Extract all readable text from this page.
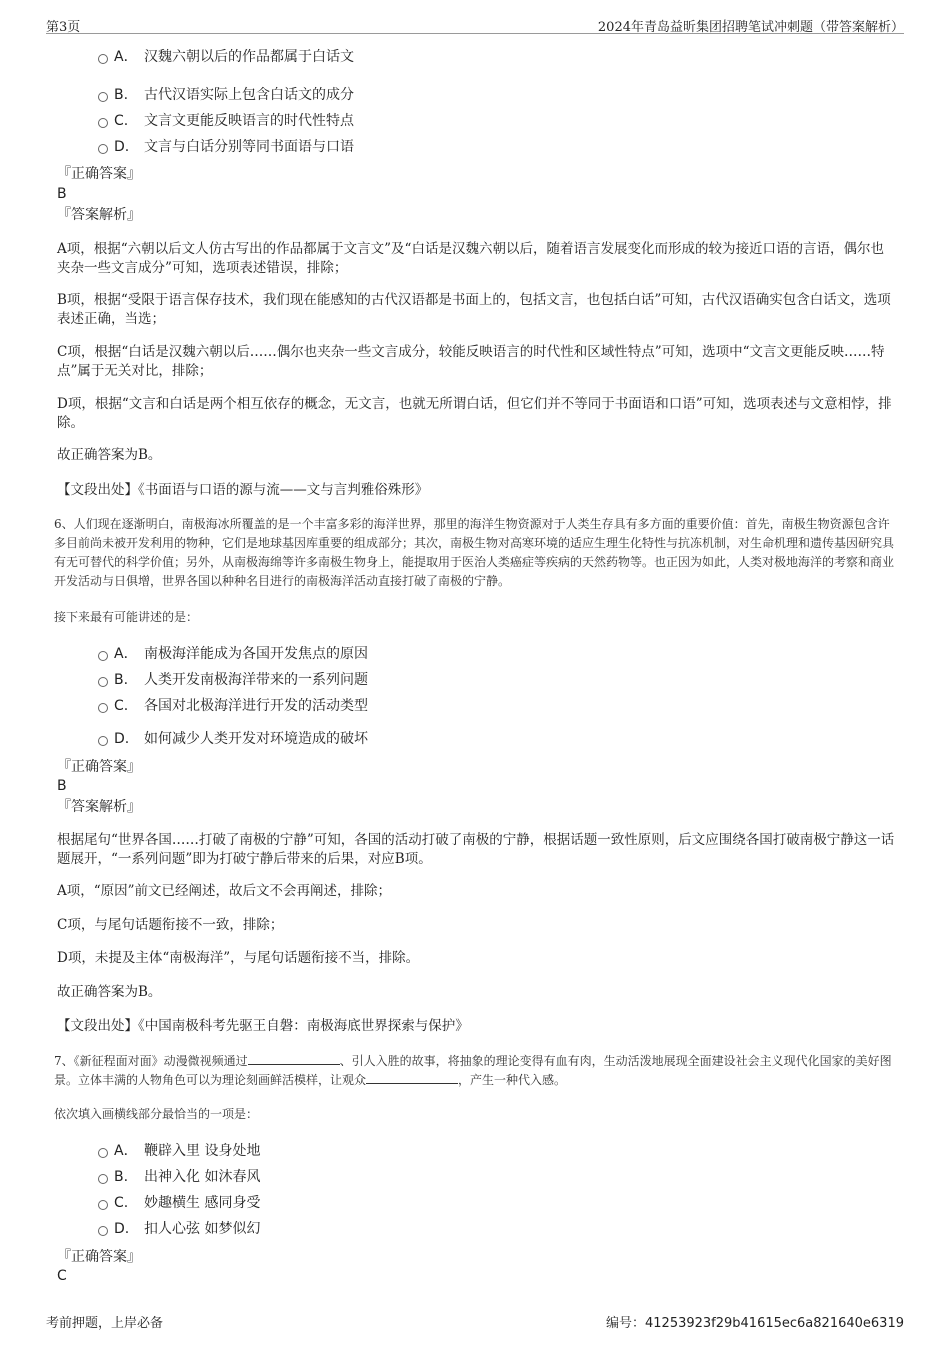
第3页	2024年青岛益昕集团招聘笔试冲刺题（带答案解析）
A． 汉魏六朝以后的作品都属于白话文
B. 古代汉语实际上包含白话文的成分
C. 文言文更能反映语言的时代性特点
D. 文言与白话分别等同书面语与口语
『正确答案』
B
『答案解析』
A项，根据“六朝以后文人仿古写出的作品都属于文言文”及“白话是汉魏六朝以后，随着语言发展变化而形成的较为接近口语的言语，偶尔也夹杂一些文言成分”可知，选项表述错误，排除；
B项，根据“受限于语言保存技术，我们现在能感知的古代汉语都是书面上的，包括文言，也包括白话”可知，古代汉语确实包含白话文，选项表述正确，当选；
C项，根据“白话是汉魏六朝以后……偶尔也夹杂一些文言成分，较能反映语言的时代性和区域性特点”可知，选项中“文言文更能反映……特点”属于无关对比，排除；
D项，根据“文言和白话是两个相互依存的概念，无文言，也就无所谓白话，但它们并不等同于书面语和口语”可知，选项表述与文意相悖，排除。
故正确答案为B。
【文段出处】《书面语与口语的源与流——文与言判雅俗殊形》
6、人们现在逐渐明白，南极海冰所覆盖的是一个丰富多彩的海洋世界，那里的海洋生物资源对于人类生存具有多方面的重要价值：首先，南极生物资源包含许多目前尚未被开发利用的物种，它们是地球基因库重要的组成部分；其次，南极生物对高寒环境的适应生理生化特性与抗冻机制，对生命机理和遗传基因研究具有无可替代的科学价值；另外，从南极海绵等许多南极生物身上，能提取用于医治人类癌症等疾病的天然药物等。也正因为如此，人类对极地海洋的考察和商业开发活动与日俱增，世界各国以种种名目进行的南极海洋活动直接打破了南极的宁静。
接下来最有可能讲述的是：
A． 南极海洋能成为各国开发焦点的原因
B. 人类开发南极海洋带来的一系列问题
C. 各国对北极海洋进行开发的活动类型
D. 如何减少人类开发对环境造成的破坏
『正确答案』
B
『答案解析』
根据尾句“世界各国……打破了南极的宁静”可知，各国的活动打破了南极的宁静，根据话题一致性原则，后文应围绕各国打破南极宁静这一话题展开，“一系列问题”即为打破宁静后带来的后果，对应B项。
A项，“原因”前文已经阐述，故后文不会再阐述，排除；
C项，与尾句话题衔接不一致，排除；
D项，未提及主体“南极海洋”，与尾句话题衔接不当，排除。
故正确答案为B。
【文段出处】《中国南极科考先驱王自磐：南极海底世界探索与保护》
7、《新征程面对面》动漫微视频通过	、引人入胜的故事，将抽象的理论变得有血有肉，生动活泼地展现全面建设社会主义现代化国家的美好图景。立体丰满的人物角色可以为理论刻画鲜活模样，让观众	，产生一种代入感。
依次填入画横线部分最恰当的一项是：
A． 鞭辟入里 设身处地
B. 出神入化 如沐春风
C. 妙趣横生 感同身受
D. 扣人心弦 如梦似幻
『正确答案』
C
考前押题，上岸必备	编号：41253923f29b41615ec6a821640e6319
